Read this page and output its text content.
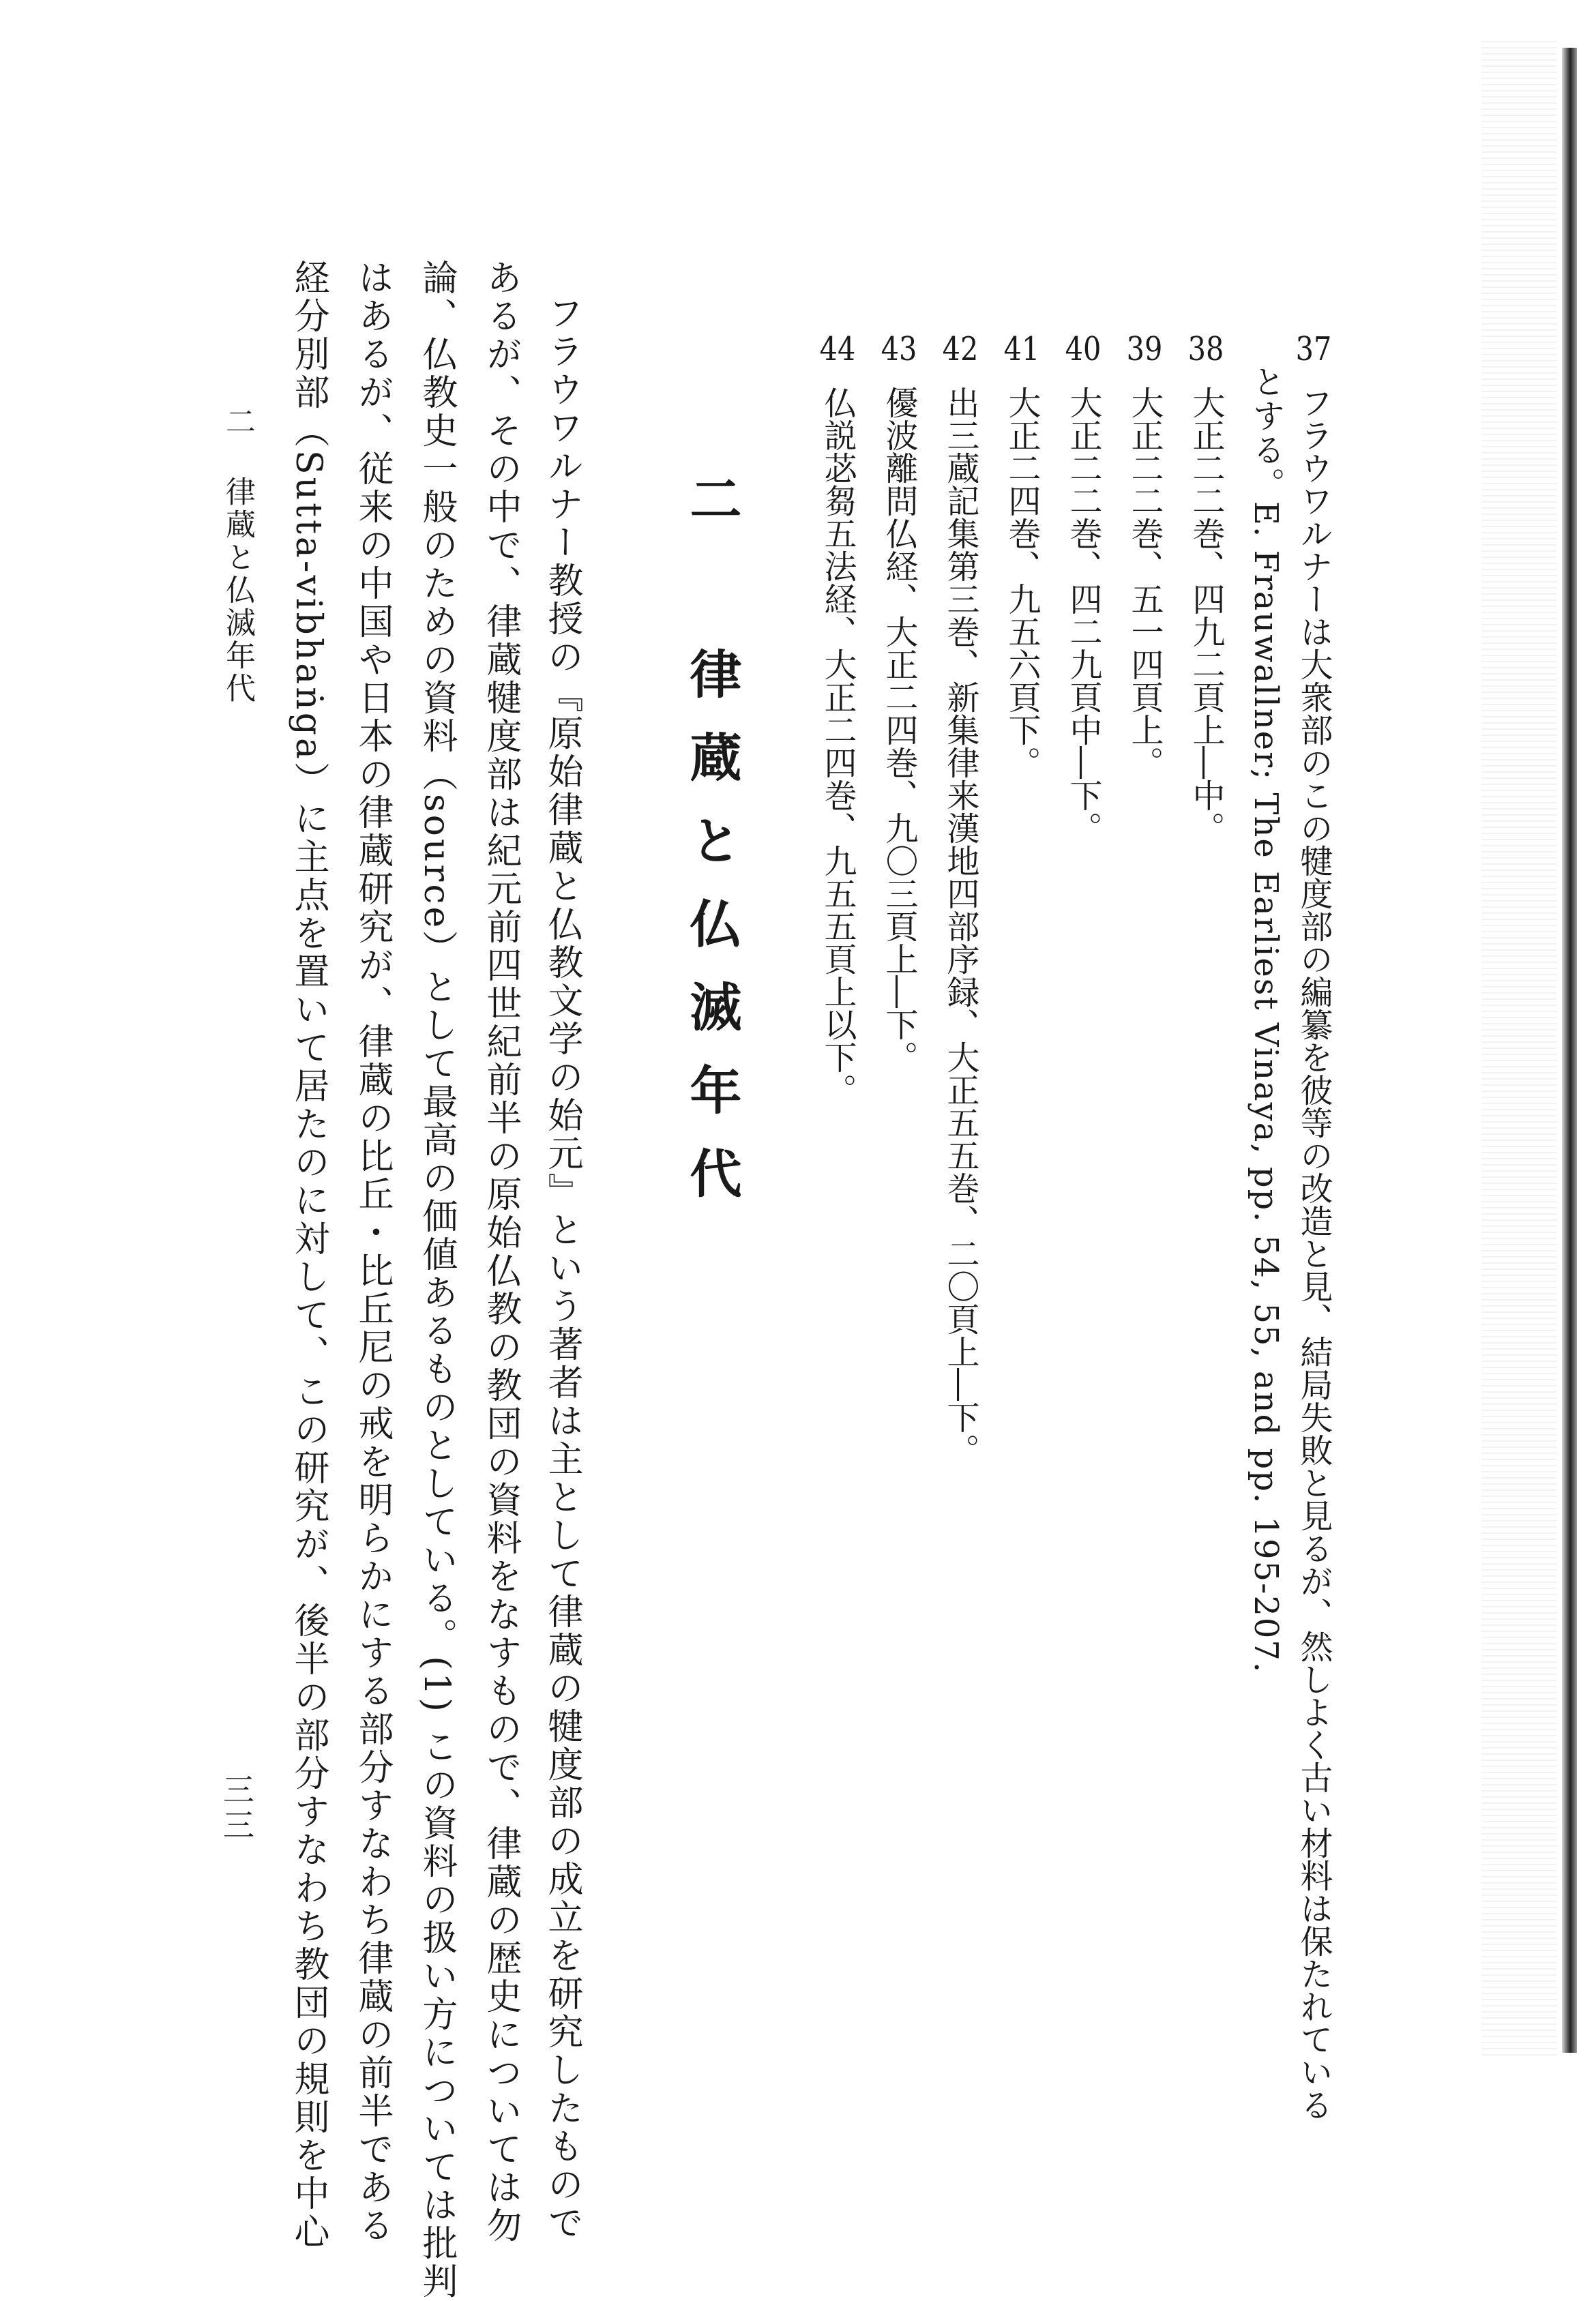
37フラウワルナーは大衆部のこの犍度部の編纂を彼等の改造と見、結局失敗と見るが、然しよく古い材料は保たれている
とする。E. Frauwallner; The Earliest Vinaya, pp. 54, 55, and pp. 195-207.
38大正二二巻、四九二頁上―中。
39大正二二巻、五一四頁上。
40大正二二巻、四二九頁中―下。
41大正二四巻、九五六頁下。
42出三蔵記集第三巻、新集律来漢地四部序録、大正五五巻、二〇頁上―下。
43優波離問仏経、大正二四巻、九〇三頁上―下。
44仏説苾芻五法経、大正二四巻、九五五頁上以下。
二 律蔵と仏滅年代
フラウワルナー教授の『原始律蔵と仏教文学の始元』という著者は主として律蔵の犍度部の成立を研究したもので
あるが、その中で、律蔵犍度部は紀元前四世紀前半の原始仏教の教団の資料をなすもので、律蔵の歴史については勿
論、仏教史一般のための資料（source）として最高の価値あるものとしている。(1) この資料の扱い方については批判
はあるが、従来の中国や日本の律蔵研究が、律蔵の比丘・比丘尼の戒を明らかにする部分すなわち律蔵の前半である
経分別部（Sutta-vibhaṅga）に主点を置いて居たのに対して、この研究が、後半の部分すなわち教団の規則を中心
二 律蔵と仏滅年代
三三
